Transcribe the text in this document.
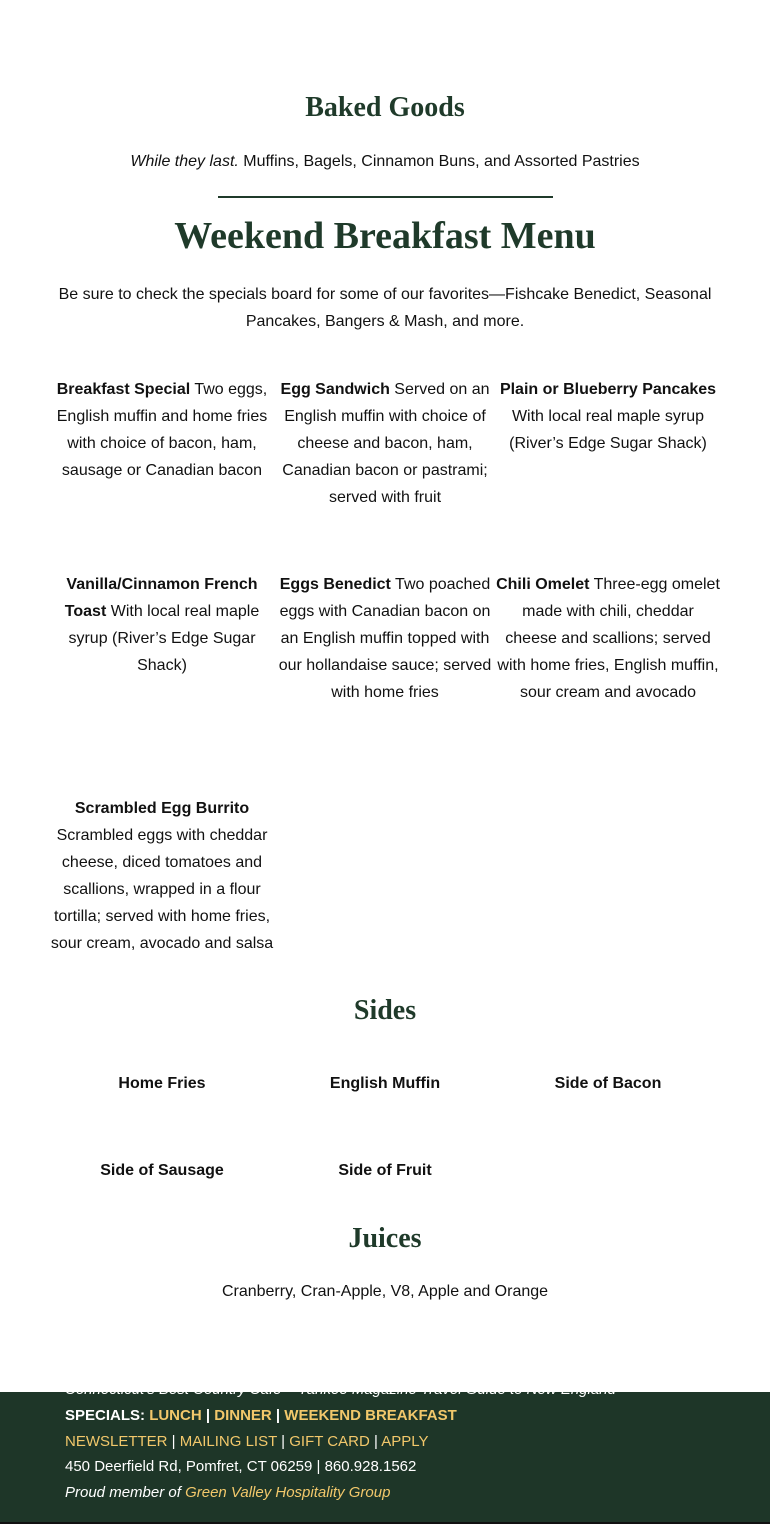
Baked Goods

While they last. Muffins, Bagels, Cinnamon Buns, and Assorted Pastries

Weekend Breakfast Menu

Be sure to check the specials board for some of our favorites—Fishcake Benedict, Seasonal Pancakes, Bangers & Mash, and more.

Breakfast Special Two eggs, English muffin and home fries with choice of bacon, ham, sausage or Canadian bacon
Egg Sandwich Served on an English muffin with choice of cheese and bacon, ham, Canadian bacon or pastrami; served with fruit
Plain or Blueberry Pancakes With local real maple syrup (River’s Edge Sugar Shack)
Vanilla/Cinnamon French Toast With local real maple syrup (River’s Edge Sugar Shack)
Eggs Benedict Two poached eggs with Canadian bacon on an English muffin topped with our hollandaise sauce; served with home fries
Chili Omelet Three-egg omelet made with chili, cheddar cheese and scallions; served with home fries, English muffin, sour cream and avocado
Scrambled Egg Burrito
Scrambled eggs with cheddar cheese, diced tomatoes and scallions, wrapped in a flour tortilla; served with home fries, sour cream, avocado and salsa
Sides
Home Fries	English Muffin	Side of Bacon
Side of Sausage	Side of Fruit
Juices

Cranberry, Cran-Apple, V8, Apple and Orange

Connecticut’s Best Country Cafe – Yankee Magazine Travel Guide to New England
SPECIALS: LUNCH | DINNER | WEEKEND BREAKFAST
NEWSLETTER | MAILING LIST | GIFT CARD | APPLY
450 Deerfield Rd, Pomfret, CT 06259 | 860.928.1562
Proud member of Green Valley Hospitality Group
